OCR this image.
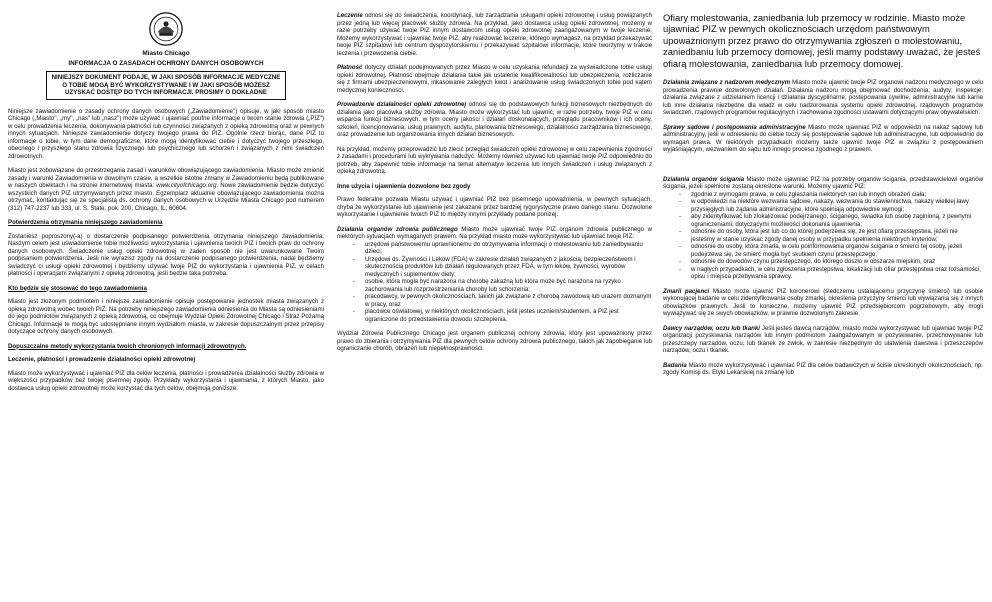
Miasto Chicago
INFORMACJA O ZASADACH OCHRONY DANYCH OSOBOWYCH
NINIEJSZY DOKUMENT PODAJE, W JAKI SPOSÓB INFORMACJE MEDYCZNE O TOBIE MOGĄ BYĆ WYKORZYSTYWANE I W JAKI SPOSÓB MOŻESZ UZYSKAĆ DOSTĘP DO TYCH INFORMACJI. PROSIMY O DOKŁADNE

Niniejsze zawiadomienie o zasady ochrony danych osobowych („Zawiadomienie") opisuje, w jaki sposób miasto Chicago („Miasto", „my", „nas" lub „nasz") może używać i ujawniać poufne informacje o twoim stanie zdrowia („PIZ") w celu prowadzenia leczenia, dokonywania płatności lub czynności związanych z opieką zdrowotną oraz w pewnych innych sytuacjach. Niniejsze zawiadomienie dotyczy twojego prawa do PIZ. Ogólnie rzecz biorąc, dane PIZ to informacje o tobie, w tym dane demograficzne, które mogą identyfikować ciebie i dotyczyć twojego przeszłego, obecnego i przyszłego stanu zdrowia fizycznego lub psychicznego lub schorzeń i związanych z nimi świadczeń zdrowotnych.

Miasto jest zobowiązane do przestrzegania zasad i warunków obowiązującego zawiadomienia. Miasto może zmienić zasady i warunki Zawiadomienia w dowolnym czasie, a wszelkie istotne zmiany w Zawiadomieniu będą publikowane w naszych obiektach i na stronie internetowej miasta: www.cityofchicago.org. Nowe zawiadomienie będzie dotyczyć wszystkich danych PIZ utrzymywanych przez miasto. Egzemplarz aktualnie obowiązującego zawiadomienia można otrzymać, kontaktując się ze specjalistą ds. ochrony danych osobowych w Urzędzie Miasta Chicago pod numerem (312) 747-2237 lub 333, ul. S. State, pok. 200, Chicago, IL, 60604.

Potwierdzenia otrzymania niniejszego zawiadomienia

Zostaniesz poproszony(-a) o dostarczenie podpisanego potwierdzenia otrzymania niniejszego zawiadomienia. Naszym celem jest uświadomienie tobie możliwości wykorzystania i ujawnienia twoich PIZ i twoich praw do ochrony danych osobowych. Świadczenie usług opieki zdrowotnej w żaden sposób nie jest uwarunkowane Twoim podpisaniem potwierdzenia. Jeśli nie wyrazisz zgody na dostarczenie podpisanego potwierdzenia, nadal będziemy świadczyć ci usługi opieki zdrowotnej i będziemy używać twoje PIZ do wykorzystania i ujawnienia PIZ, w celach płatności i operacjami związanymi z opieką zdrowotną, jeśli będzie taka potrzeba.

Kto będzie się stosować do tego zawiadomienia

Miasto jest złożonym podmiotem i niniejsze zawiadomienie opisuje postępowanie jednostek miasta związanych z opieką zdrowotną wobec twoich PIZ. Na potrzeby niniejszego zawiadomienia odniesienia do Miasta są odniesieniami do jego podmiotów związanych z opieką zdrowotną, co obejmuje Wydział Opieki Zdrowotnej Chicago i Straż Pożarną Chicago. Informacje te mogą być udostępniane innym wydziałom miasta, w zakresie dopuszczalnym przez przepisy dotyczące ochrony danych osobowych.

Dopuszczalne metody wykorzystania twoich chronionych informacji zdrowotnych.
Leczenie, płatności i prowadzenie działalności opieki zdrowotnej

Miasto może wykorzystywać i ujawniać PIZ dla celów leczenia, płatności i prowadzenia działalności służby zdrowia w większości przypadków bez twojej pisemnej zgody. Przykłady wykorzystania i ujawniania, z których Miasto, jako dostawca usług opieki zdrowotnej może korzystać dla tych celów, obejmują poniższe:

Leczenie odnosi się do świadczenia, koordynacji, lub zarządzania usługami opieki zdrowotnej i usług powiązanych przez jedną lub więcej placówek służby zdrowia. Na przykład, jako dostawca usług opieki zdrowotnej, możemy w razie potrzeby używać twoje PIZ innym dostawcom usług opieki zdrowotnej zaangażowanym w twoje leczenie. Możemy wykorzystywać i ujawniać twoje PIZ, aby realizować leczenie, którego wymagasz, na przykład przekazywać twoje PIZ szpitalowi lub centrum dyspozytorskiemu i przekazywać szpitalowi informacje, które tworzymy w trakcie leczenia i przewożenia ciebie.

Płatność dotyczy działań podejmowanych przez Miasto w celu uzyskania refundacji za wyświadczone tobie usługi opieki zdrowotnej. Płatność obejmuje działania takie jak ustalenie kwalifikowalności lub ubezpieczenia, rozliczanie się z firmami ubezpieczeniowymi, inkasowanie zaległych kwot i analizowanie usług świadczonych tobie pod kątem medycznej konieczności.

Prowadzenie działalności opieki zdrowotnej odnosi się do podstawowych funkcji biznesowych niezbędnych do działania jako placówka służby zdrowia. Miasto może wykorzystać lub ujawnić, w razie potrzeby, twoje PIZ w celu wsparcia funkcji biznesowych, w tym oceny jakości i działań doskonalących, przeglądu pracowników i ich oceny, szkoleń, licencjonowania, usług prawnych, audytu, planowania biznesowego, działalności zarządzania biznesowego, oraz prowadzenie lub organizowania innych działań biznesowych.

Na przykład, możemy przeprowadzić lub zlecić przegląd świadczeń opieki zdrowotnej w celu zapewnienia zgodności z zasadami i procedurami lub wykrywania nadużyć. Możemy również używać lub ujawniać twoje PIZ odpowiednio do potrzeb, aby zapewnić tobie informacje na temat alternatyw leczenia lub innych świadczeń i usług związanych z opieką zdrowotną.

Inne użycia i ujawnienia dozwolone bez zgody

Prawo federalne pozwala Miastu używać i ujawniać PIZ bez pisemnego upoważnienia, w pewnych sytuacjach, chyba że wykorzystanie lub ujawnienie jest zakazane przez bardziej rygorystyczne prawo danego stanu. Dozwolone wykorzystanie i ujawnienie twoich PIZ to między innymi przykłady podane poniżej.

Działania organów zdrowia publicznego Miasto może ujawniać twoje PIZ organom zdrowia publicznego w niektórych sytuacjach wymaganych prawem. Na przykład miasto może wykorzystywać lub ujawniać twoje PIZ:

- urzędowi państwowemu uprawnionemu do otrzymywania informacji o molestowaniu lub zaniedbywaniu dzieci;
- Urzędowi ds. Żywności i Leków (FDA) w zakresie działań związanych z jakością, bezpieczeństwem i skutecznością produktów lub działań regulowanych przez FDA, w tym leków, żywności, wyrobów medycznych i suplementów diety;
- osobie, która mogła być narażona na chorobę zakaźną lub która może być narażona na ryzyko zachorowania lub rozprzestrzeniania choroby lub schorzenia;
- pracodawcy, w pewnych okolicznościach, takich jak związane z chorobą zawodową lub urazem doznanym w pracy, oraz
- placówce oświatowej, w niektórych okolicznościach, jeśli jesteś uczniem/studentem, a PIZ jest ograniczone do przedstawienia dowodu szczepienia.

Wydział Zdrowia Publicznego Chicago jest organem publicznej ochrony zdrowia, który jest upoważniony przez prawo do zbierania i otrzymywania PIZ dla pewnych celów ochrony zdrowia publicznego, takich jak zapobieganie lub ograniczanie chorób, obrażeń lub niepełnosprawności.

Ofiary molestowania, zaniedbania lub przemocy w rodzinie. Miasto może ujawniać PIZ w pewnych okolicznościach urzędom państwowym upoważnionym przez prawo do otrzymywania zgłoszeń o molestowaniu, zaniedbaniu lub przemocy domowej, jeśli mamy podstawy uważać, że jesteś ofiarą molestowania, zaniedbania lub przemocy domowej.

Działania związane z nadzorem medycznym Miasto może ujawnić twoje PIZ organowi nadzoru medycznego w celu prowadzenia prawnie dozwolonych działań. Działania nadzoru mogą obejmować dochodzenia; audyty; inspekcje; działania związane z udzielaniem licencji i działania dyscyplinarne; postępowania cywilne, administracyjne lub karne lub inne działania niezbędne dla władz w celu nadzorowania systemu opieki zdrowotnej, rządowych programów świadczeń, rządowych programów regulacyjnych i zachowania zgodności ustawami dotyczącymi praw obywatelskich.

Sprawy sądowe i postępowania administracyjne Miasto może ujawniać PIZ w odpowiedzi na nakaz sądowy lub administracyjny, jeśli w odniesieniu do ciebie toczy się postępowanie sądowe lub administracyjne, lub odpowiednio do wymagań prawa. W niektórych przypadkach możemy także ujawnić twoje PIZ w związku z postępowaniem wyjaśniającym, wezwaniem do sądu lub innego procesu zgodnego z prawem.

Działania organów ścigania Miasto może ujawniać PIZ na potrzeby organów ścigania, przedstawicielowi organów ścigania, jeżeli spełnione zostaną określone warunki. Możemy ujawnić PIZ:

- zgodnie z wymogami prawa, w celu zgłaszania niektórych ran lub innych obrażeń ciała;
- w odpowiedzi na niektóre wezwania sądowe, nakazy, wezwania do stawiennictwa, nakazy wielkiej ławy przysięgłych lub żądania administracyjne, które spełniają odpowiednie wymogi;
- aby zidentyfikować lub zlokalizować podejrzanego, ściganego, świadka lub osobę zaginioną, z pewnymi ograniczeniami, dotyczącymi możliwości dokonania ujawnienia;
- odnośnie do osoby, która jest lub co do której podejrzewa się, że jest ofiarą przestępstwa, jeżeli nie jesteśmy w stanie uzyskać zgody danej osoby w przypadku spełnienia niektórych kryteriów;
- odnośnie do osoby, która zmarła, w celu poinformowania organów ścigania o śmierci tej osoby, jeżeli podejrzewa się, że śmierć mogła być skutkiem czynu przestępczego;
- odnośnie do dowodów czynu przestępczego, do którego doszło w obszarze miejskim, oraz
- w nagłych przypadkach, w celu zgłoszenia przestępstwa, lokalizacji lub ofiar przestępstwa oraz tożsamości, opisu i miejsca przebywania sprawcy.

Zmarli pacjenci Miasto może ujawnić PIZ koronerowi (śledczemu ustalającemu przyczynę śmierci) lub osobie wykonującej badanie w celu zidentyfikowania osoby zmarłej, określenia przyczyny śmierci lub wywiązania się z innych obowiązków prawnych. Jeśli to konieczne, możemy ujawnić PIZ przedsiębiorcom pogrzebowym, aby mogli wywiązywać się ze swych obowiązków, w prawnie dozwolonym zakresie.

Dawcy narządów, oczu lub tkanki Jeśli jesteś dawcą narządów, miasto może wykorzystywać lub ujawniać twoje PIZ organizacji pozyskiwania narządów lub innym podmiotom zaangażowanym w pozyskiwanie, przechowywanie lub przeszczepy narządów, oczu, lub tkanek ze zwłok, w zakresie niezbędnym do ułatwienia dawstwa i przeszczepów narządów, oczu i tkanek.

Badania Miasto może wykorzystywać i ujawniać PIZ dla celów badawczych w ściśle określonych okolicznościach, np. zgody Komisji ds. Etyki Lekarskiej na zmianę lub
